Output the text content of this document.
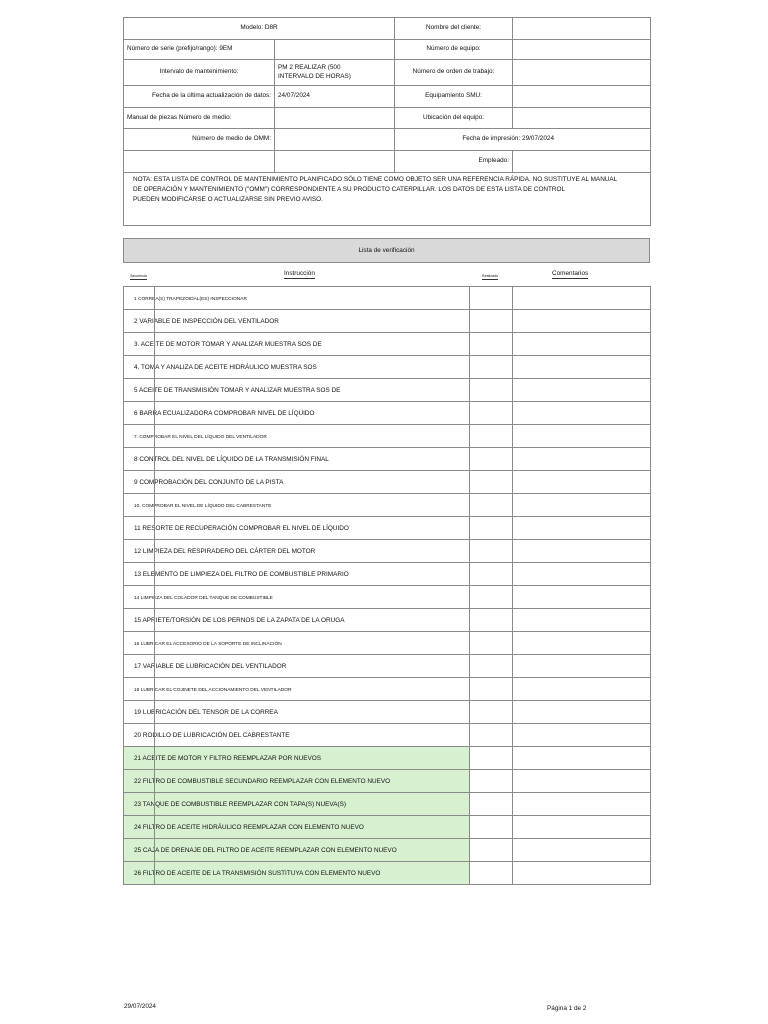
Modelo: D8R		Nombre del cliente:	
Número de serie (prefijo/rango): 9EM		Número de equipo:	
Intervalo de mantenimiento:	PM 2 REALIZAR (500
INTERVALO DE HORAS)	Número de orden de trabajo:	
Fecha de la última actualización de datos:	24/07/2024	Equipamiento SMU:	
Manual de piezas Número de medio:		Ubicación del equipo:	
Número de medio de OMM:		Fecha de impresión: 29/07/2024	
		Empleado:	
NOTA: ESTA LISTA DE CONTROL DE MANTENIMIENTO PLANIFICADO SÓLO TIENE COMO OBJETO SER UNA REFERENCIA RÁPIDA. NO SUSTITUYE AL MANUAL
DE OPERACIÓN Y MANTENIMIENTO ("OMM") CORRESPONDIENTE A SU PRODUCTO CATERPILLAR. LOS DATOS DE ESTA LISTA DE CONTROL
PUEDEN MODIFICARSE O ACTUALIZARSE SIN PREVIO AVISO.			
Lista de verificación
Secuencia	Instrucción	Realizado	Comentarios
1 CORREA(S) TRAPEZOIDAL(ES) INSPECCIONAR		

2 VARIABLE DE INSPECCIÓN DEL VENTILADOR		

3. ACEITE DE MOTOR TOMAR Y ANALIZAR MUESTRA SOS DE		

4. TOMA Y ANALIZA DE ACEITE HIDRÁULICO MUESTRA SOS		

5 ACEITE DE TRANSMISIÓN TOMAR Y ANALIZAR MUESTRA SOS DE		

6 BARRA ECUALIZADORA COMPROBAR NIVEL DE LÍQUIDO		

7. COMPROBAR EL NIVEL DEL LÍQUIDO DEL VENTILADOR		

8 CONTROL DEL NIVEL DE LÍQUIDO DE LA TRANSMISIÓN FINAL		

9 COMPROBACIÓN DEL CONJUNTO DE LA PISTA		

10. COMPROBAR EL NIVEL DE LÍQUIDO DEL CABRESTANTE		

11 RESORTE DE RECUPERACIÓN COMPROBAR EL NIVEL DE LÍQUIDO		

12 LIMPIEZA DEL RESPIRADERO DEL CÁRTER DEL MOTOR		

13 ELEMENTO DE LIMPIEZA DEL FILTRO DE COMBUSTIBLE PRIMARIO		

14 LIMPIEZA DEL COLADOR DEL TANQUE DE COMBUSTIBLE		

15 APRIETE/TORSIÓN DE LOS PERNOS DE LA ZAPATA DE LA ORUGA		

16 LUBRICAR EL ACCESORIO DE LA SOPORTE DE INCLINACIÓN		

17 VARIABLE DE LUBRICACIÓN DEL VENTILADOR		

18 LUBRICAR EL COJINETE DEL ACCIONAMIENTO DEL VENTILADOR		

19 LUBRICACIÓN DEL TENSOR DE LA CORREA		

20 RODILLO DE LUBRICACIÓN DEL CABRESTANTE		

21 ACEITE DE MOTOR Y FILTRO REEMPLAZAR POR NUEVOS		

22 FILTRO DE COMBUSTIBLE SECUNDARIO REEMPLAZAR CON ELEMENTO NUEVO		

23 TANQUE DE COMBUSTIBLE REEMPLAZAR CON TAPA(S) NUEVA(S)		

24 FILTRO DE ACEITE HIDRÁULICO REEMPLAZAR CON ELEMENTO NUEVO		

25 CAJA DE DRENAJE DEL FILTRO DE ACEITE REEMPLAZAR CON ELEMENTO NUEVO		

26 FILTRO DE ACEITE DE LA TRANSMISIÓN SUSTITUYA CON ELEMENTO NUEVO		
29/07/2024	Página 1 de 2
